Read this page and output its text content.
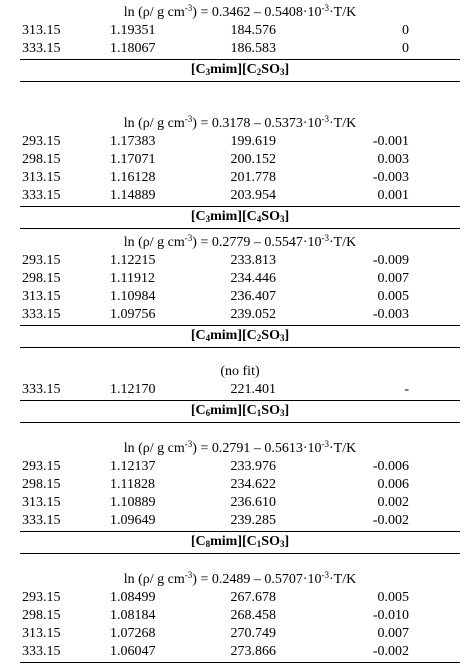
ln (ρ/ g $cm^{-3}) = 0.3462 - 0.5408\cdot 10^{-3}\cdot T/K$
313.15	1.19351	184.576	0
333.15	1.18067	186.583	0
$[C_3mim][C_2SO_3]$
ln (ρ/ g $cm^{-3}) = 0.3178 - 0.5373\cdot 10^{-3}\cdot T/K$
293.15	1.17383	199.619	-0.001
298.15	1.17071	200.152	0.003
313.15	1.16128	201.778	-0.003
333.15	1.14889	203.954	0.001
$[C_3mim][C_4SO_3]$
ln (ρ/ g $cm^{-3}) = 0.2779 - 0.5547\cdot 10^{-3}\cdot T/K$
293.15	1.12215	233.813	-0.009
298.15	1.11912	234.446	0.007
313.15	1.10984	236.407	0.005
333.15	1.09756	239.052	-0.003
$[C_4mim][C_2SO_3]$
(no fit)
333.15	1.12170	221.401	-
$[C_6mim][C_1SO_3]$
ln (ρ/ g $cm^{-3}) = 0.2791 - 0.5613\cdot 10^{-3}\cdot T/K$
293.15	1.12137	233.976	-0.006
298.15	1.11828	234.622	0.006
313.15	1.10889	236.610	0.002
333.15	1.09649	239.285	-0.002
$[C_8mim][C_1SO_3]$
ln (ρ/ g $cm^{-3}) = 0.2489 - 0.5707\cdot 10^{-3}\cdot T/K$
293.15	1.08499	267.678	0.005
298.15	1.08184	268.458	-0.010
313.15	1.07268	270.749	0.007
333.15	1.06047	273.866	-0.002
